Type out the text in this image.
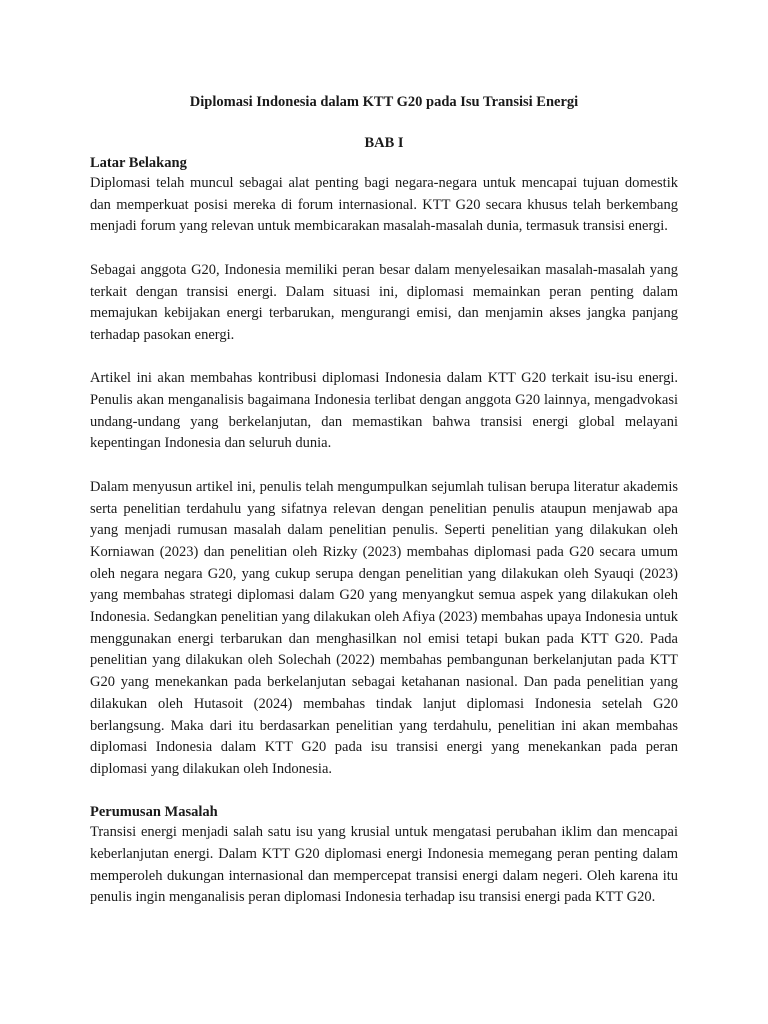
Diplomasi Indonesia dalam KTT G20 pada Isu Transisi Energi

BAB I

Latar Belakang

Diplomasi telah muncul sebagai alat penting bagi negara-negara untuk mencapai tujuan domestik dan memperkuat posisi mereka di forum internasional. KTT G20 secara khusus telah berkembang menjadi forum yang relevan untuk membicarakan masalah-masalah dunia, termasuk transisi energi.

Sebagai anggota G20, Indonesia memiliki peran besar dalam menyelesaikan masalah-masalah yang terkait dengan transisi energi. Dalam situasi ini, diplomasi memainkan peran penting dalam memajukan kebijakan energi terbarukan, mengurangi emisi, dan menjamin akses jangka panjang terhadap pasokan energi.

Artikel ini akan membahas kontribusi diplomasi Indonesia dalam KTT G20 terkait isu-isu energi. Penulis akan menganalisis bagaimana Indonesia terlibat dengan anggota G20 lainnya, mengadvokasi undang-undang yang berkelanjutan, dan memastikan bahwa transisi energi global melayani kepentingan Indonesia dan seluruh dunia.

Dalam menyusun artikel ini, penulis telah mengumpulkan sejumlah tulisan berupa literatur akademis serta penelitian terdahulu yang sifatnya relevan dengan penelitian penulis ataupun menjawab apa yang menjadi rumusan masalah dalam penelitian penulis. Seperti penelitian yang dilakukan oleh Korniawan (2023) dan penelitian oleh Rizky (2023) membahas diplomasi pada G20 secara umum oleh negara negara G20, yang cukup serupa dengan penelitian yang dilakukan oleh Syauqi (2023) yang membahas strategi diplomasi dalam G20 yang menyangkut semua aspek yang dilakukan oleh Indonesia. Sedangkan penelitian yang dilakukan oleh Afiya (2023) membahas upaya Indonesia untuk menggunakan energi terbarukan dan menghasilkan nol emisi tetapi bukan pada KTT G20. Pada penelitian yang dilakukan oleh Solechah (2022) membahas pembangunan berkelanjutan pada KTT G20 yang menekankan pada berkelanjutan sebagai ketahanan nasional. Dan pada penelitian yang dilakukan oleh Hutasoit (2024) membahas tindak lanjut diplomasi Indonesia setelah G20 berlangsung. Maka dari itu berdasarkan penelitian yang terdahulu, penelitian ini akan membahas diplomasi Indonesia dalam KTT G20 pada isu transisi energi yang menekankan pada peran diplomasi yang dilakukan oleh Indonesia.

Perumusan Masalah

Transisi energi menjadi salah satu isu yang krusial untuk mengatasi perubahan iklim dan mencapai keberlanjutan energi. Dalam KTT G20 diplomasi energi Indonesia memegang peran penting dalam memperoleh dukungan internasional dan mempercepat transisi energi dalam negeri. Oleh karena itu penulis ingin menganalisis peran diplomasi Indonesia terhadap isu transisi energi pada KTT G20.
